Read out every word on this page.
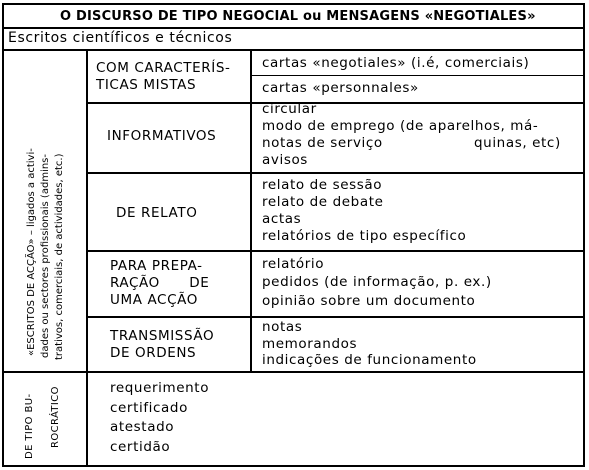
O DISCURSO DE TIPO NEGOCIAL ou MENSAGENS «NEGOTIALES»
Escritos científicos e técnicos
«ESCRITOS DE ACÇÃO» – ligados a activi- dades ou sectores profissionais (admins- trativos, comerciais, de actividades, etc.)
COM CARACTERÍS-
TICAS MISTAS
cartas «negotiales» (i.é, comerciais)
cartas «personnales»
INFORMATIVOS
circular
modo de emprego (de aparelhos, má-
notas de serviço	quinas, etc)
avisos
DE RELATO
relato de sessão
relato de debate
actas
relatórios de tipo específico
PARA PREPA-
RAÇÃO      DE
UMA ACÇÃO
relatório
pedidos (de informação, p. ex.)
opinião sobre um documento
TRANSMISSÃO
DE ORDENS
notas
memorandos
indicações de funcionamento
DE TIPO BU- ROCRÁTICO	requerimento
certificado
atestado
certidão
